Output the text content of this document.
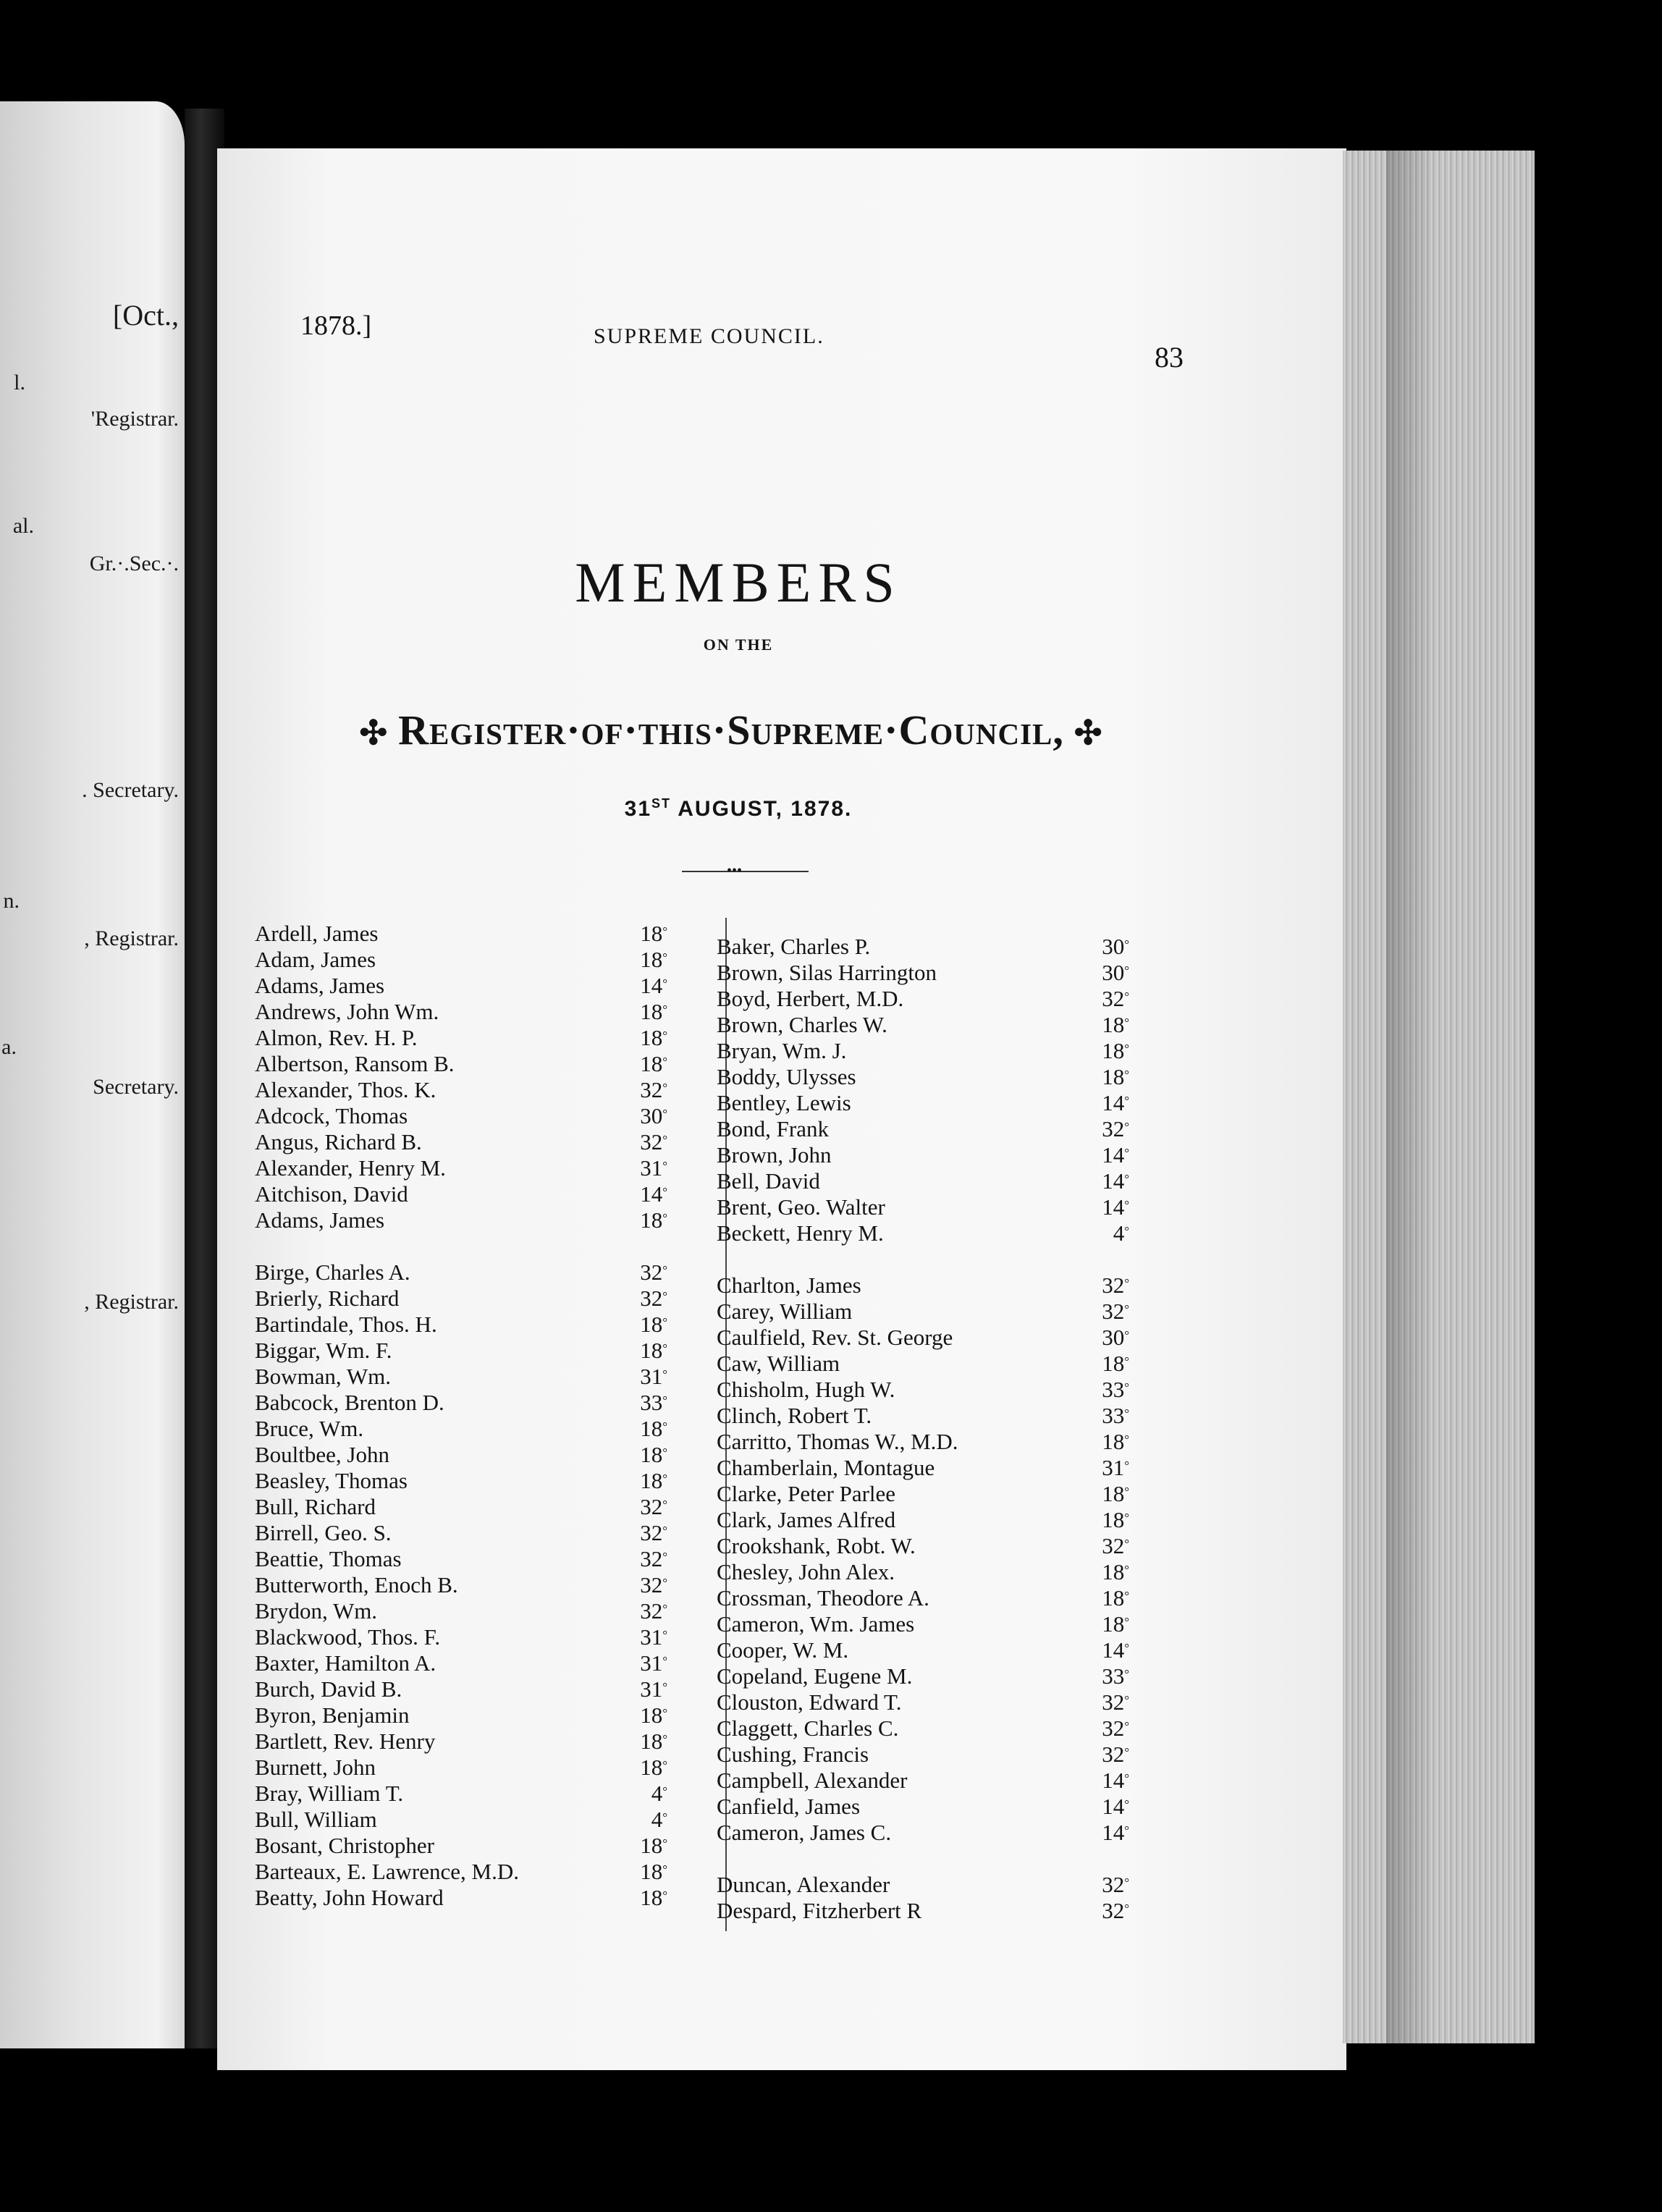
[Oct.,
l.
'Registrar.
al.
Gr.·.Sec.·.
. Secretary.
n.
, Registrar.
a.
Secretary.
, Registrar.
1878.]	SUPREME COUNCIL.
83
MEMBERS
ON THE
✣ Register·of·this·Supreme·Council, ✣
31ST AUGUST, 1878.
•••
Ardell, James	18°
Adam, James	18°
Adams, James	14°
Andrews, John Wm.	18°
Almon, Rev. H. P.	18°
Albertson, Ransom B.	18°
Alexander, Thos. K.	32°
Adcock, Thomas	30°
Angus, Richard B.	32°
Alexander, Henry M.	31°
Aitchison, David	14°
Adams, James	18°
Birge, Charles A.	32°
Brierly, Richard	32°
Bartindale, Thos. H.	18°
Biggar, Wm. F.	18°
Bowman, Wm.	31°
Babcock, Brenton D.	33°
Bruce, Wm.	18°
Boultbee, John	18°
Beasley, Thomas	18°
Bull, Richard	32°
Birrell, Geo. S.	32°
Beattie, Thomas	32°
Butterworth, Enoch B.	32°
Brydon, Wm.	32°
Blackwood, Thos. F.	31°
Baxter, Hamilton A.	31°
Burch, David B.	31°
Byron, Benjamin	18°
Bartlett, Rev. Henry	18°
Burnett, John	18°
Bray, William T.	4°
Bull, William	4°
Bosant, Christopher	18°
Barteaux, E. Lawrence, M.D.	18°
Beatty, John Howard	18°
Baker, Charles P.	30°
Brown, Silas Harrington	30°
Boyd, Herbert, M.D.	32°
Brown, Charles W.	18°
Bryan, Wm. J.	18°
Boddy, Ulysses	18°
Bentley, Lewis	14°
Bond, Frank	32°
Brown, John	14°
Bell, David	14°
Brent, Geo. Walter	14°
Beckett, Henry M.	4°
Charlton, James	32°
Carey, William	32°
Caulfield, Rev. St. George	30°
Caw, William	18°
Chisholm, Hugh W.	33°
Clinch, Robert T.	33°
Carritto, Thomas W., M.D.	18°
Chamberlain, Montague	31°
Clarke, Peter Parlee	18°
Clark, James Alfred	18°
Crookshank, Robt. W.	32°
Chesley, John Alex.	18°
Crossman, Theodore A.	18°
Cameron, Wm. James	18°
Cooper, W. M.	14°
Copeland, Eugene M.	33°
Clouston, Edward T.	32°
Claggett, Charles C.	32°
Cushing, Francis	32°
Campbell, Alexander	14°
Canfield, James	14°
Cameron, James C.	14°
Duncan, Alexander	32°
Despard, Fitzherbert R	32°
